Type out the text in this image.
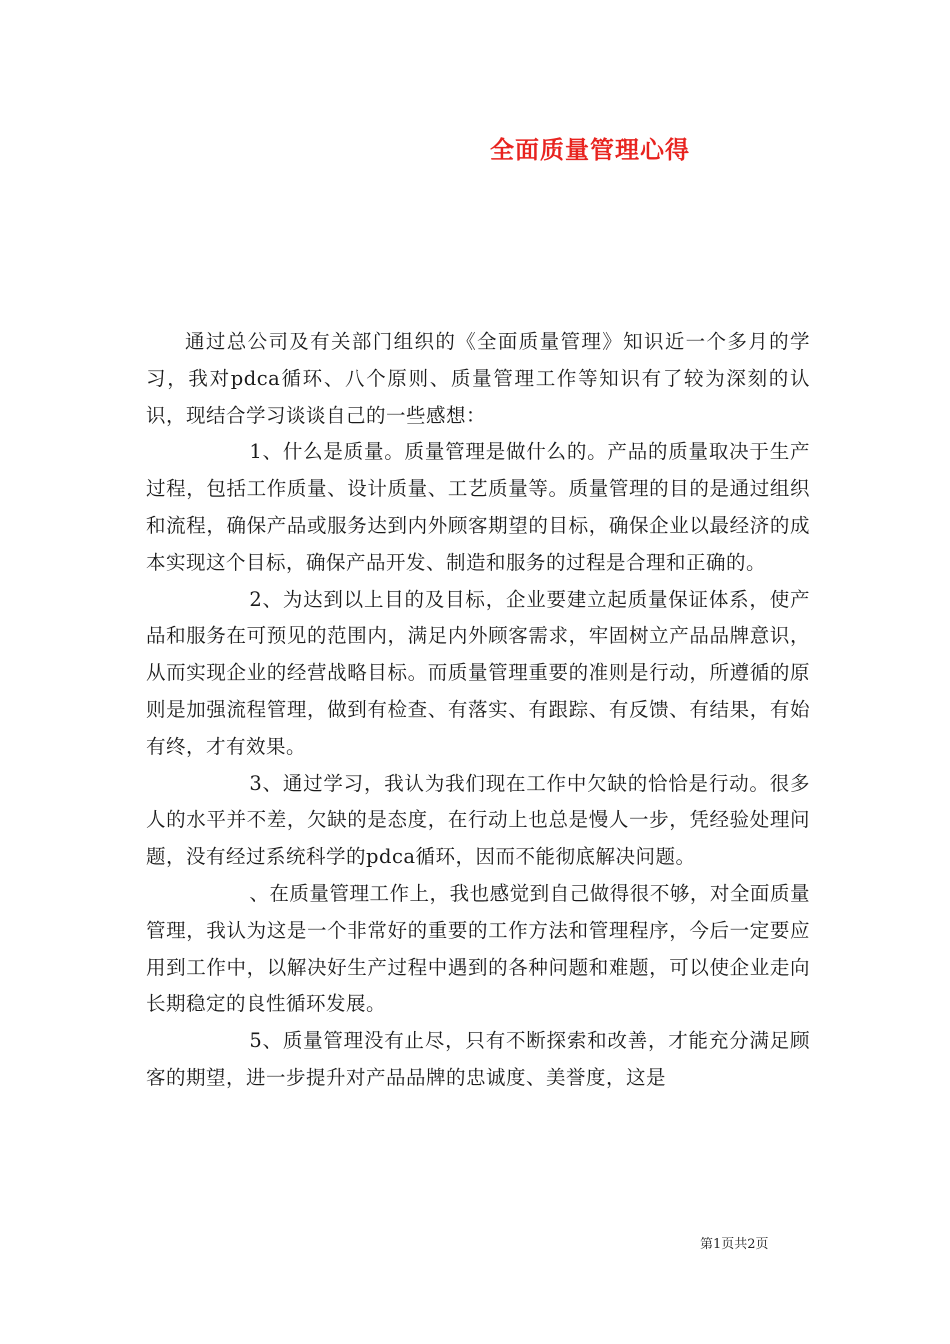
全面质量管理心得

通过总公司及有关部门组织的《全面质量管理》知识近一个多月的学习，我对pdca循环、八个原则、质量管理工作等知识有了较为深刻的认识，现结合学习谈谈自己的一些感想：

1、什么是质量。质量管理是做什么的。产品的质量取决于生产过程，包括工作质量、设计质量、工艺质量等。质量管理的目的是通过组织和流程，确保产品或服务达到内外顾客期望的目标，确保企业以最经济的成本实现这个目标，确保产品开发、制造和服务的过程是合理和正确的。

2、为达到以上目的及目标，企业要建立起质量保证体系，使产品和服务在可预见的范围内，满足内外顾客需求，牢固树立产品品牌意识，从而实现企业的经营战略目标。而质量管理重要的准则是行动，所遵循的原则是加强流程管理，做到有检查、有落实、有跟踪、有反馈、有结果，有始有终，才有效果。

3、通过学习，我认为我们现在工作中欠缺的恰恰是行动。很多人的水平并不差，欠缺的是态度，在行动上也总是慢人一步，凭经验处理问题，没有经过系统科学的pdca循环，因而不能彻底解决问题。

、在质量管理工作上，我也感觉到自己做得很不够，对全面质量管理，我认为这是一个非常好的重要的工作方法和管理程序，今后一定要应用到工作中，以解决好生产过程中遇到的各种问题和难题，可以使企业走向长期稳定的良性循环发展。

5、质量管理没有止尽，只有不断探索和改善，才能充分满足顾客的期望，进一步提升对产品品牌的忠诚度、美誉度，这是

第1页共2页
